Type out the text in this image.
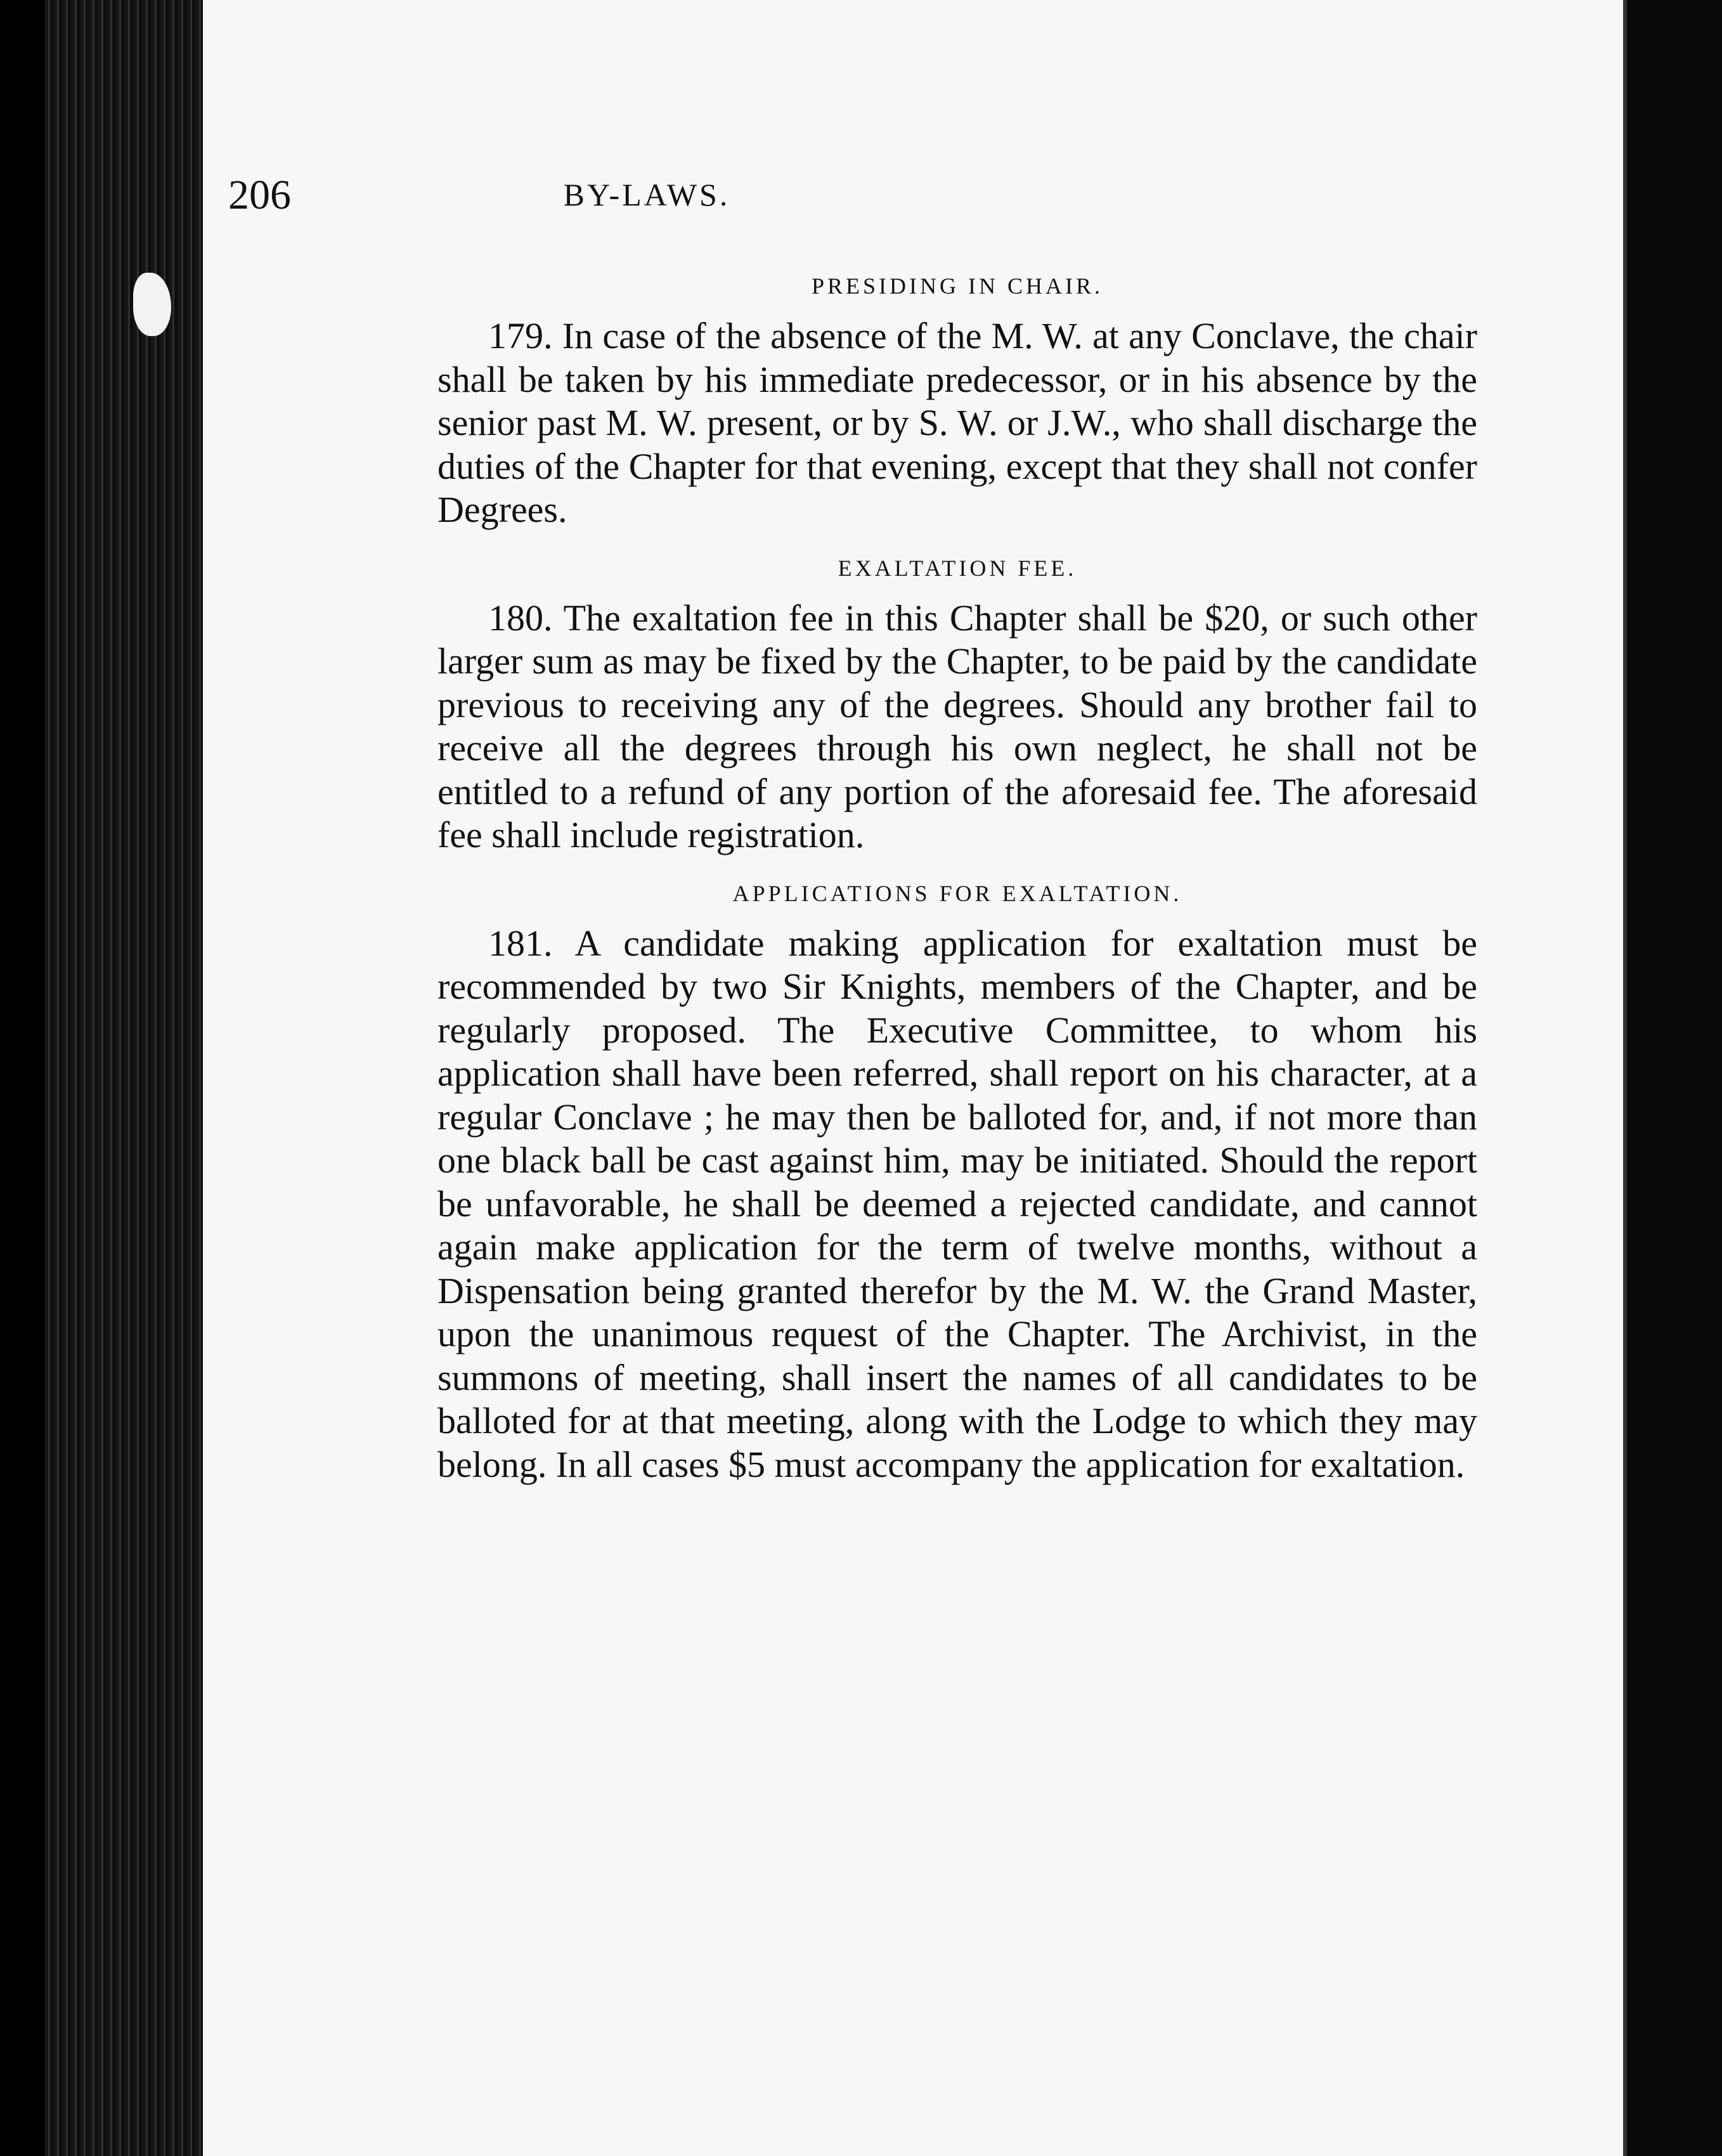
206	BY-LAWS.
PRESIDING IN CHAIR.

179. In case of the absence of the M. W. at any Conclave, the chair shall be taken by his immediate predecessor, or in his absence by the senior past M. W. present, or by S. W. or J.W., who shall discharge the duties of the Chapter for that evening, except that they shall not confer Degrees.

EXALTATION FEE.

180. The exaltation fee in this Chapter shall be $20, or such other larger sum as may be fixed by the Chapter, to be paid by the candidate previous to receiving any of the degrees. Should any brother fail to receive all the degrees through his own neglect, he shall not be entitled to a refund of any portion of the aforesaid fee. The aforesaid fee shall include registration.

APPLICATIONS FOR EXALTATION.

181. A candidate making application for exaltation must be recommended by two Sir Knights, members of the Chapter, and be regularly proposed. The Executive Committee, to whom his application shall have been referred, shall report on his character, at a regular Conclave ; he may then be balloted for, and, if not more than one black ball be cast against him, may be initiated. Should the report be unfavorable, he shall be deemed a rejected candidate, and cannot again make application for the term of twelve months, without a Dispensation being granted therefor by the M. W. the Grand Master, upon the unanimous request of the Chapter. The Archivist, in the summons of meeting, shall insert the names of all candidates to be balloted for at that meeting, along with the Lodge to which they may belong. In all cases $5 must accompany the application for exaltation.
